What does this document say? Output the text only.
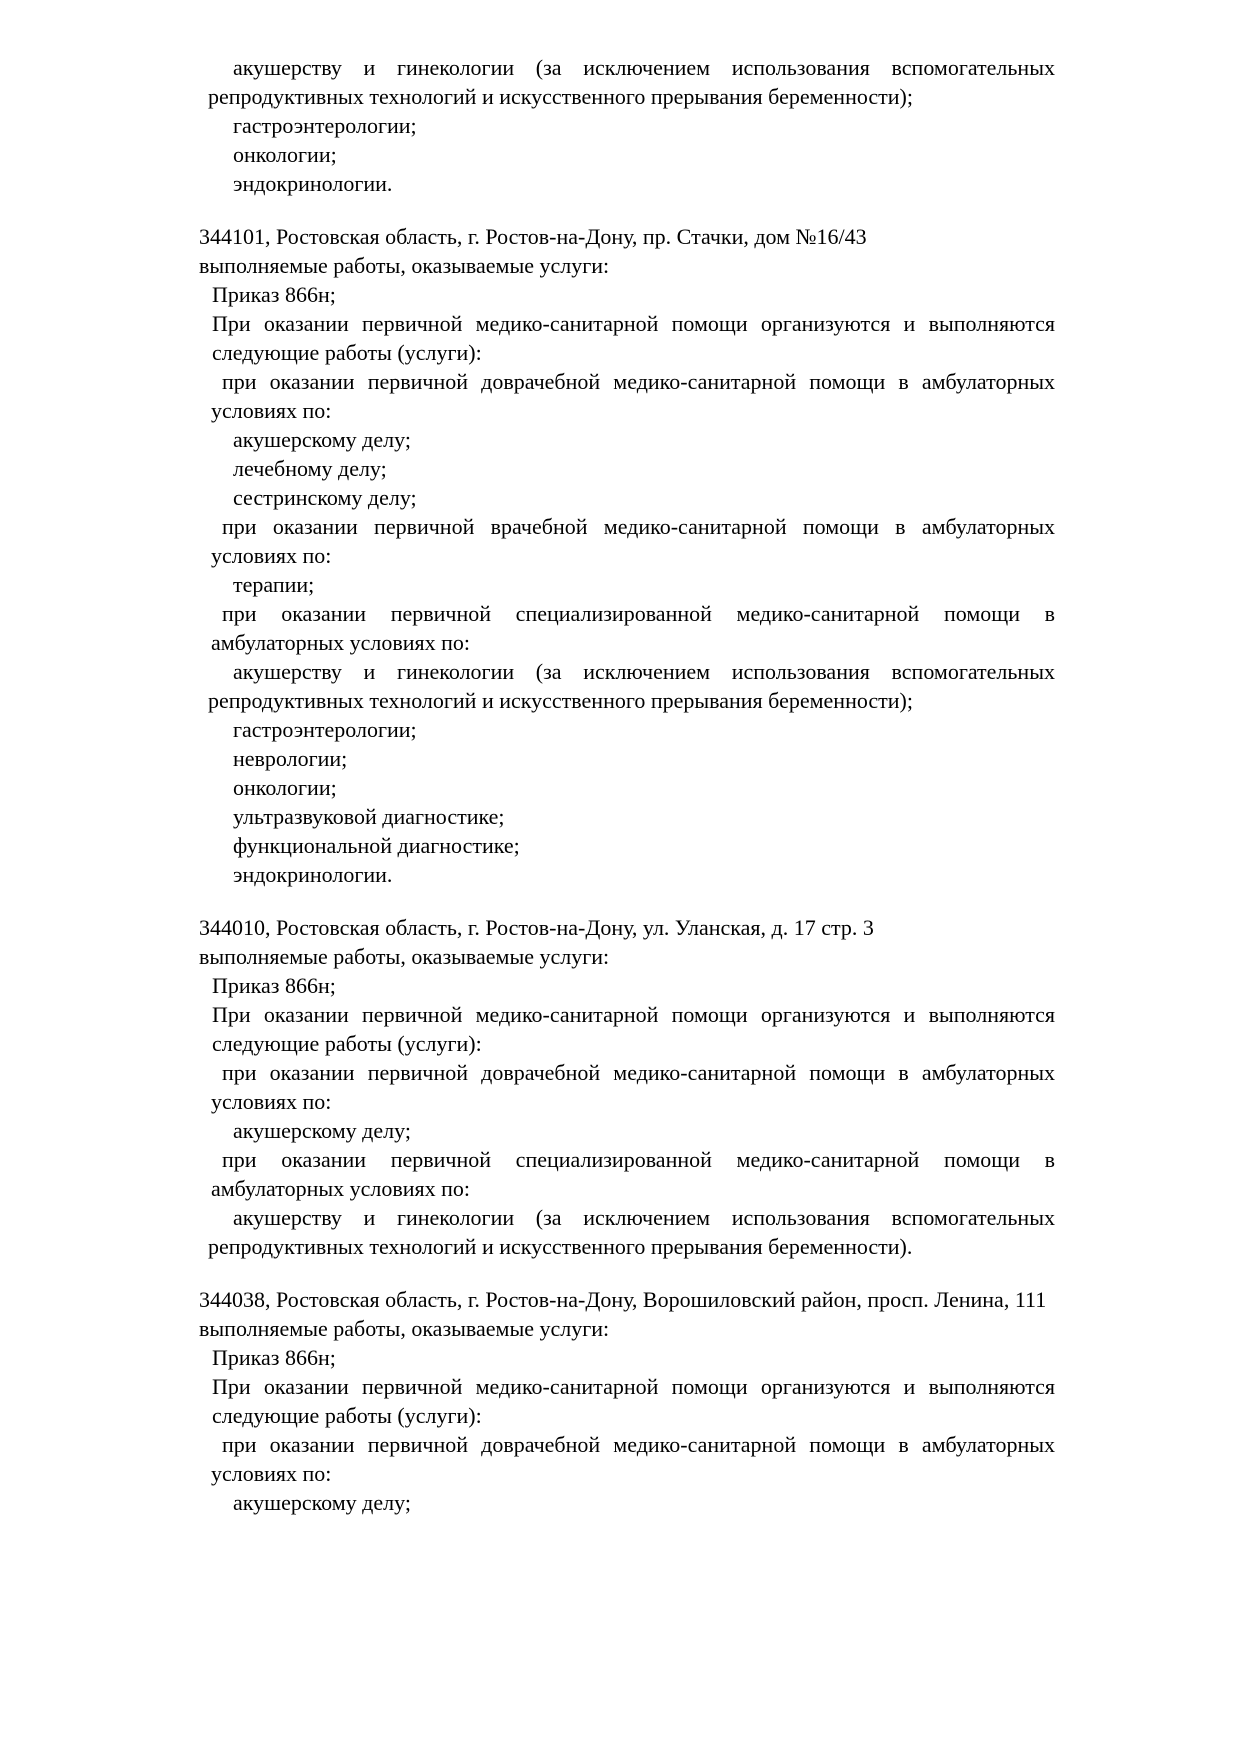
акушерству и гинекологии (за исключением использования вспомогательных репродуктивных технологий и искусственного прерывания беременности);

гастроэнтерологии;

онкологии;

эндокринологии.

344101, Ростовская область, г. Ростов-на-Дону, пр. Стачки, дом №16/43

выполняемые работы, оказываемые услуги:

Приказ 866н;

При оказании первичной медико-санитарной помощи организуются и выполняются следующие работы (услуги):

при оказании первичной доврачебной медико-санитарной помощи в амбулаторных условиях по:

акушерскому делу;

лечебному делу;

сестринскому делу;

при оказании первичной врачебной медико-санитарной помощи в амбулаторных условиях по:

терапии;

при оказании первичной специализированной медико-санитарной помощи в амбулаторных условиях по:

акушерству и гинекологии (за исключением использования вспомогательных репродуктивных технологий и искусственного прерывания беременности);

гастроэнтерологии;

неврологии;

онкологии;

ультразвуковой диагностике;

функциональной диагностике;

эндокринологии.

344010, Ростовская область, г. Ростов-на-Дону, ул. Уланская, д. 17 стр. 3

выполняемые работы, оказываемые услуги:

Приказ 866н;

При оказании первичной медико-санитарной помощи организуются и выполняются следующие работы (услуги):

при оказании первичной доврачебной медико-санитарной помощи в амбулаторных условиях по:

акушерскому делу;

при оказании первичной специализированной медико-санитарной помощи в амбулаторных условиях по:

акушерству и гинекологии (за исключением использования вспомогательных репродуктивных технологий и искусственного прерывания беременности).

344038, Ростовская область, г. Ростов-на-Дону, Ворошиловский район, просп. Ленина, 111

выполняемые работы, оказываемые услуги:

Приказ 866н;

При оказании первичной медико-санитарной помощи организуются и выполняются следующие работы (услуги):

при оказании первичной доврачебной медико-санитарной помощи в амбулаторных условиях по:

акушерскому делу;
